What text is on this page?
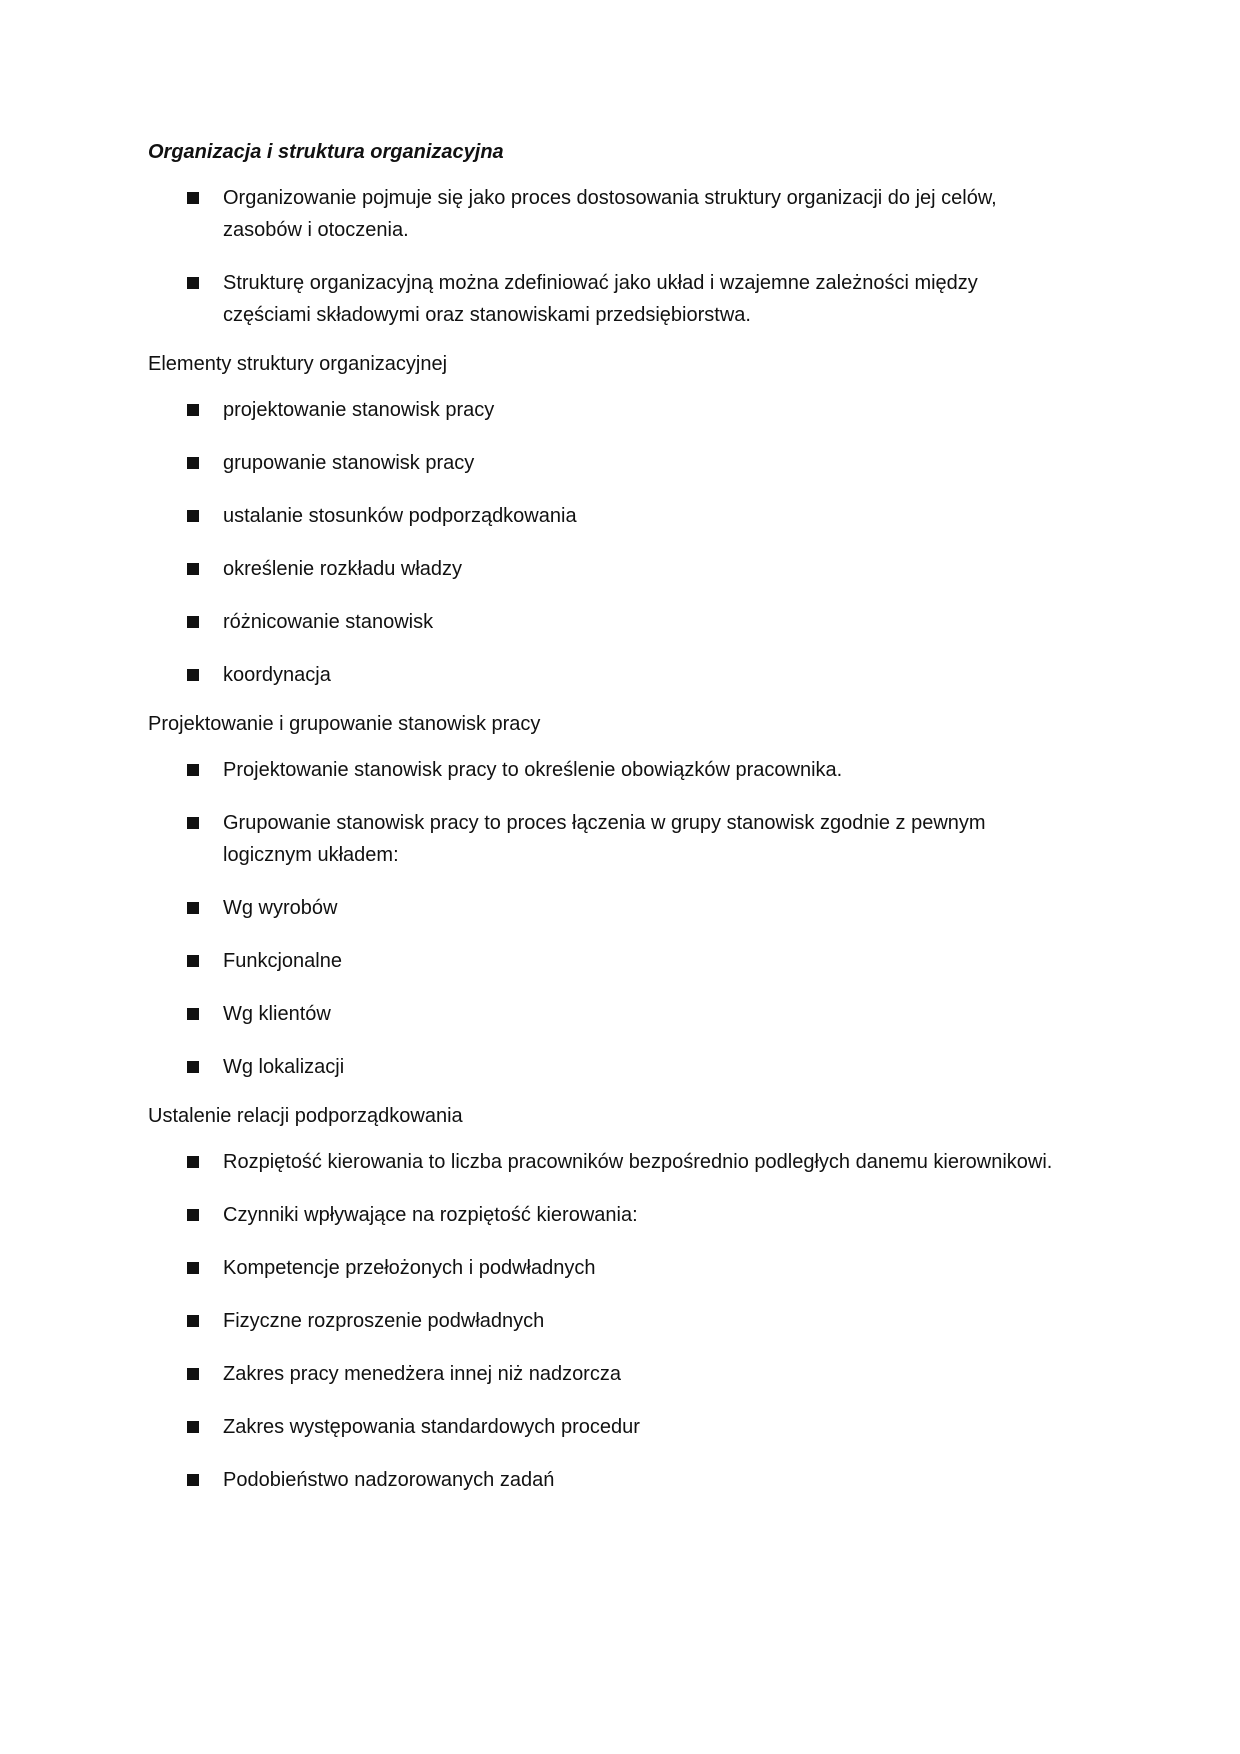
Organizacja i struktura organizacyjna
Organizowanie pojmuje się jako proces dostosowania struktury organizacji do jej celów, zasobów i otoczenia.
Strukturę organizacyjną można zdefiniować jako układ i wzajemne zależności między częściami składowymi oraz stanowiskami przedsiębiorstwa.
Elementy struktury organizacyjnej
projektowanie stanowisk pracy
grupowanie stanowisk pracy
ustalanie stosunków podporządkowania
określenie rozkładu władzy
różnicowanie stanowisk
koordynacja
Projektowanie i grupowanie stanowisk pracy
Projektowanie stanowisk pracy to określenie obowiązków pracownika.
Grupowanie stanowisk pracy to proces łączenia w grupy stanowisk zgodnie z pewnym logicznym układem:
Wg wyrobów
Funkcjonalne
Wg klientów
Wg lokalizacji
Ustalenie relacji podporządkowania
Rozpiętość kierowania to liczba pracowników bezpośrednio podległych danemu kierownikowi.
Czynniki wpływające na rozpiętość kierowania:
Kompetencje przełożonych i podwładnych
Fizyczne rozproszenie podwładnych
Zakres pracy menedżera innej niż nadzorcza
Zakres występowania standardowych procedur
Podobieństwo nadzorowanych zadań
